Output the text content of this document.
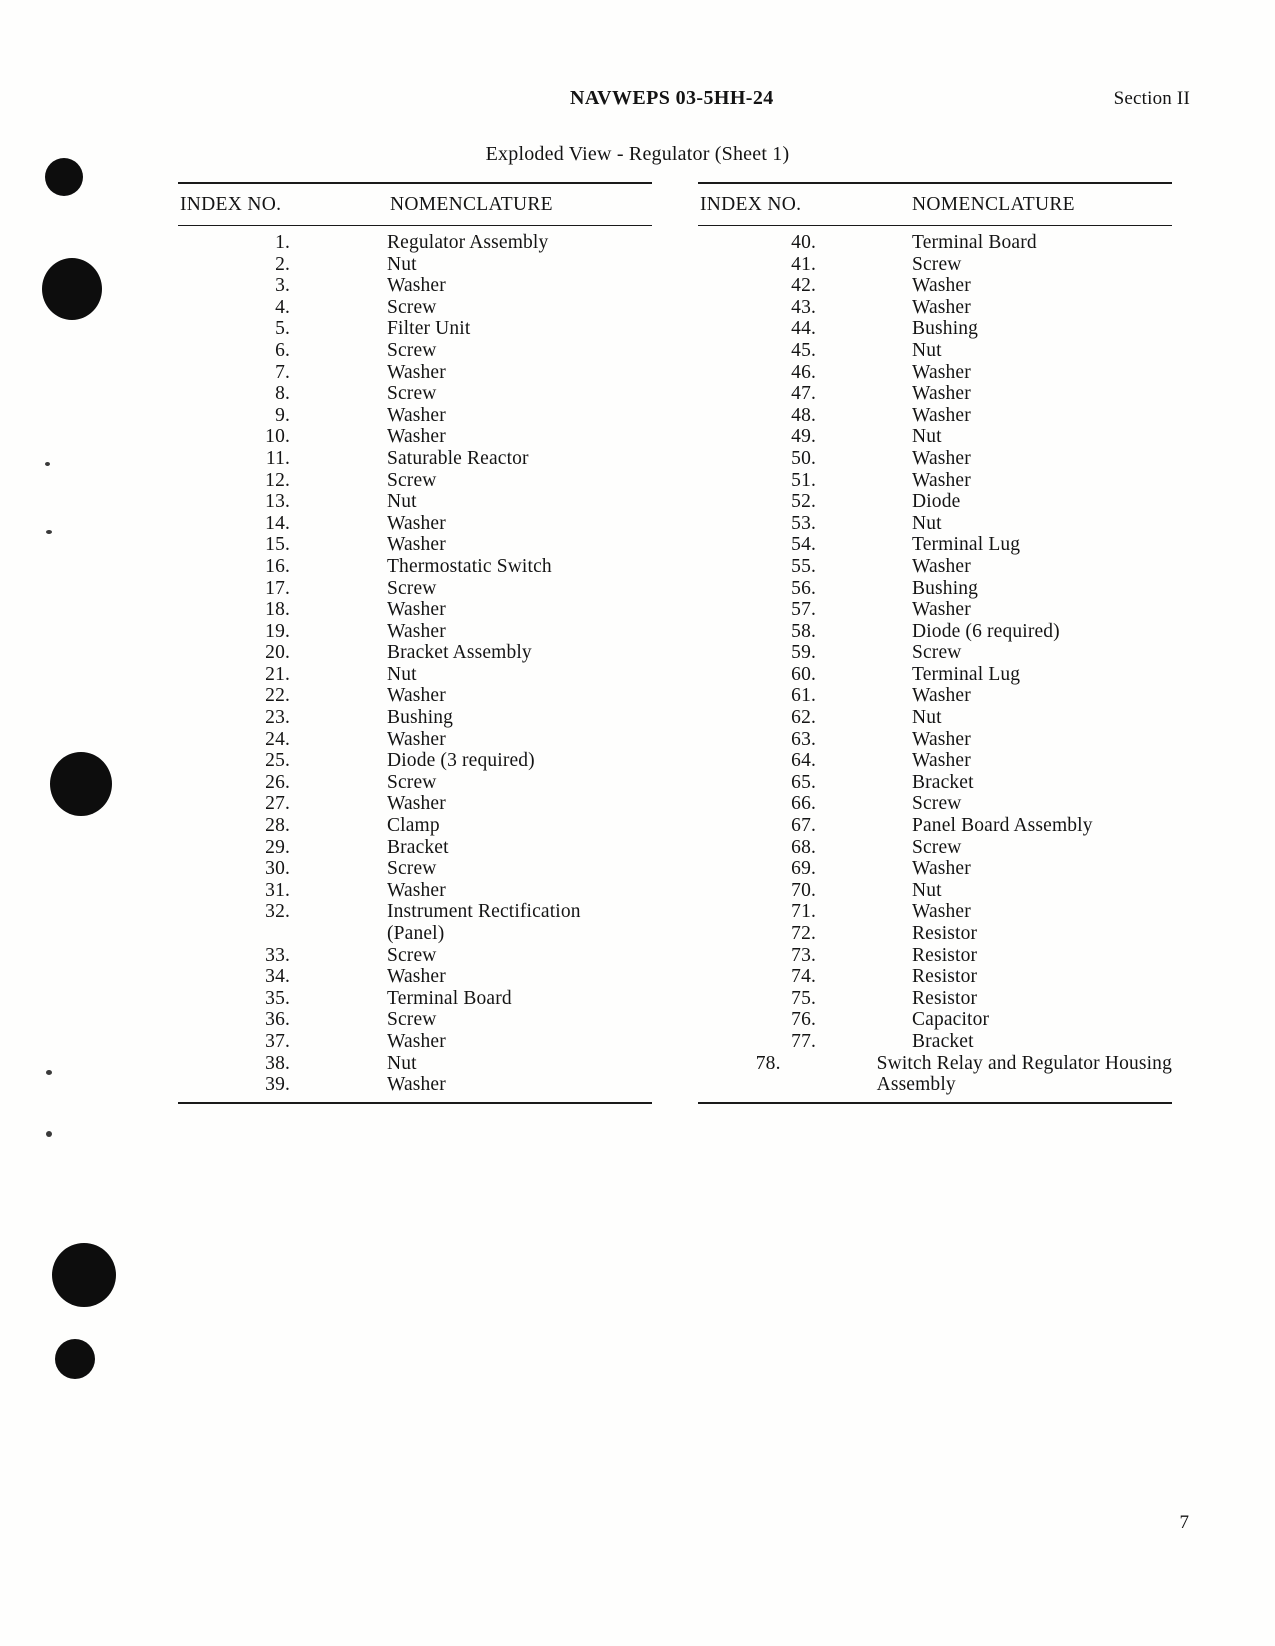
NAVWEPS 03-5HH-24	Section II
Exploded View - Regulator (Sheet 1)
INDEX NO.	NOMENCLATURE
1.	Regulator Assembly
2.	Nut
3.	Washer
4.	Screw
5.	Filter Unit
6.	Screw
7.	Washer
8.	Screw
9.	Washer
10.	Washer
11.	Saturable Reactor
12.	Screw
13.	Nut
14.	Washer
15.	Washer
16.	Thermostatic Switch
17.	Screw
18.	Washer
19.	Washer
20.	Bracket Assembly
21.	Nut
22.	Washer
23.	Bushing
24.	Washer
25.	Diode (3 required)
26.	Screw
27.	Washer
28.	Clamp
29.	Bracket
30.	Screw
31.	Washer
32.	Instrument Rectification
(Panel)
33.	Screw
34.	Washer
35.	Terminal Board
36.	Screw
37.	Washer
38.	Nut
39.	Washer
INDEX NO.	NOMENCLATURE
40.	Terminal Board
41.	Screw
42.	Washer
43.	Washer
44.	Bushing
45.	Nut
46.	Washer
47.	Washer
48.	Washer
49.	Nut
50.	Washer
51.	Washer
52.	Diode
53.	Nut
54.	Terminal Lug
55.	Washer
56.	Bushing
57.	Washer
58.	Diode (6 required)
59.	Screw
60.	Terminal Lug
61.	Washer
62.	Nut
63.	Washer
64.	Washer
65.	Bracket
66.	Screw
67.	Panel Board Assembly
68.	Screw
69.	Washer
70.	Nut
71.	Washer
72.	Resistor
73.	Resistor
74.	Resistor
75.	Resistor
76.	Capacitor
77.	Bracket
78.	Switch Relay and Regulator Housing
Assembly
7
